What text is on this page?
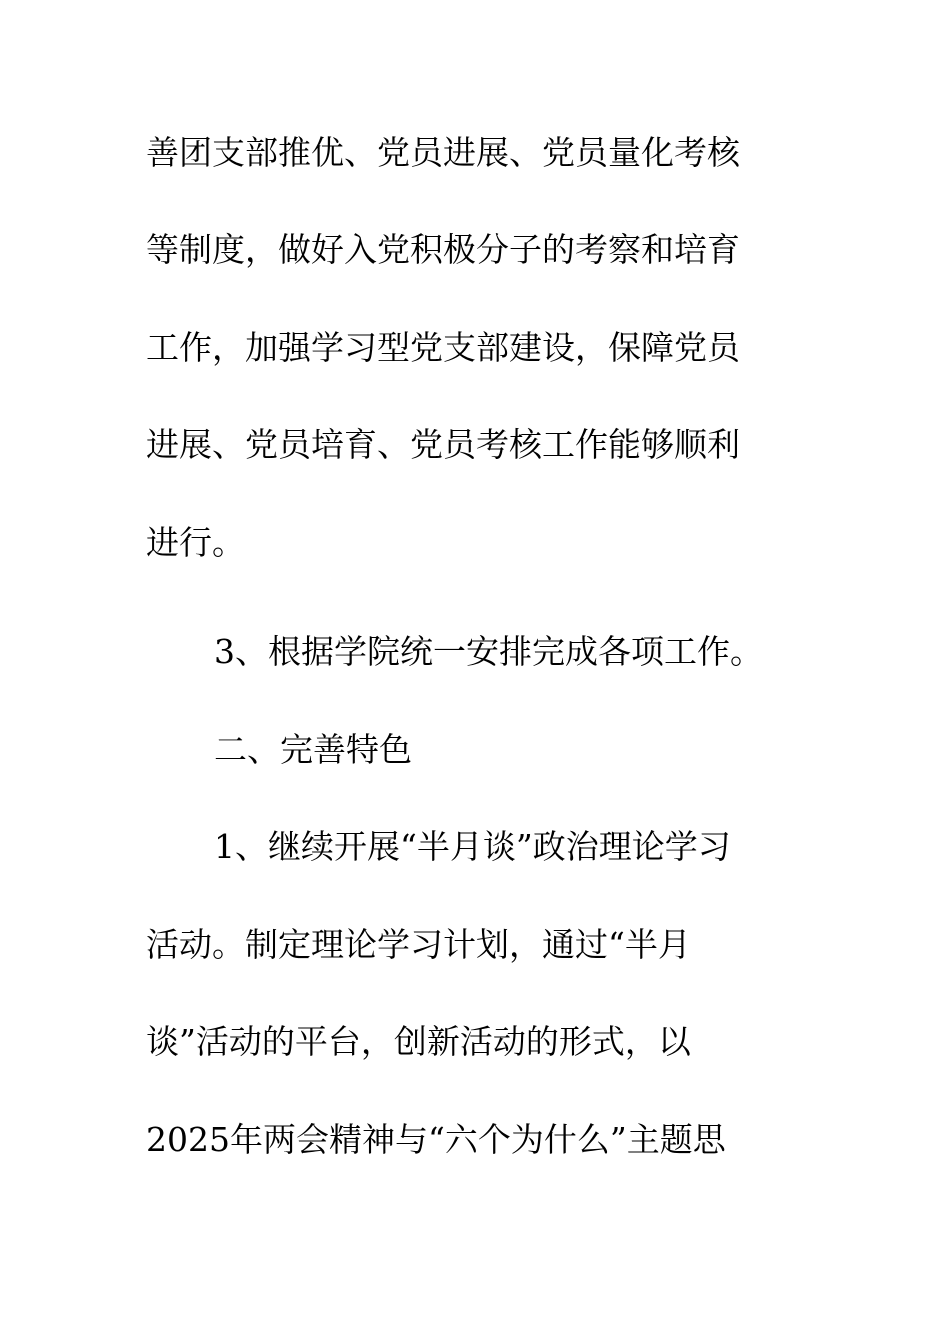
善团支部推优、党员进展、党员量化考核
等制度，做好入党积极分子的考察和培育
工作，加强学习型党支部建设，保障党员
进展、党员培育、党员考核工作能够顺利
进行。
3、根据学院统一安排完成各项工作。
二、完善特色
1、继续开展“半月谈”政治理论学习
活动。制定理论学习计划，通过“半月
谈”活动的平台，创新活动的形式，以
2025年两会精神与“六个为什么”主题思
